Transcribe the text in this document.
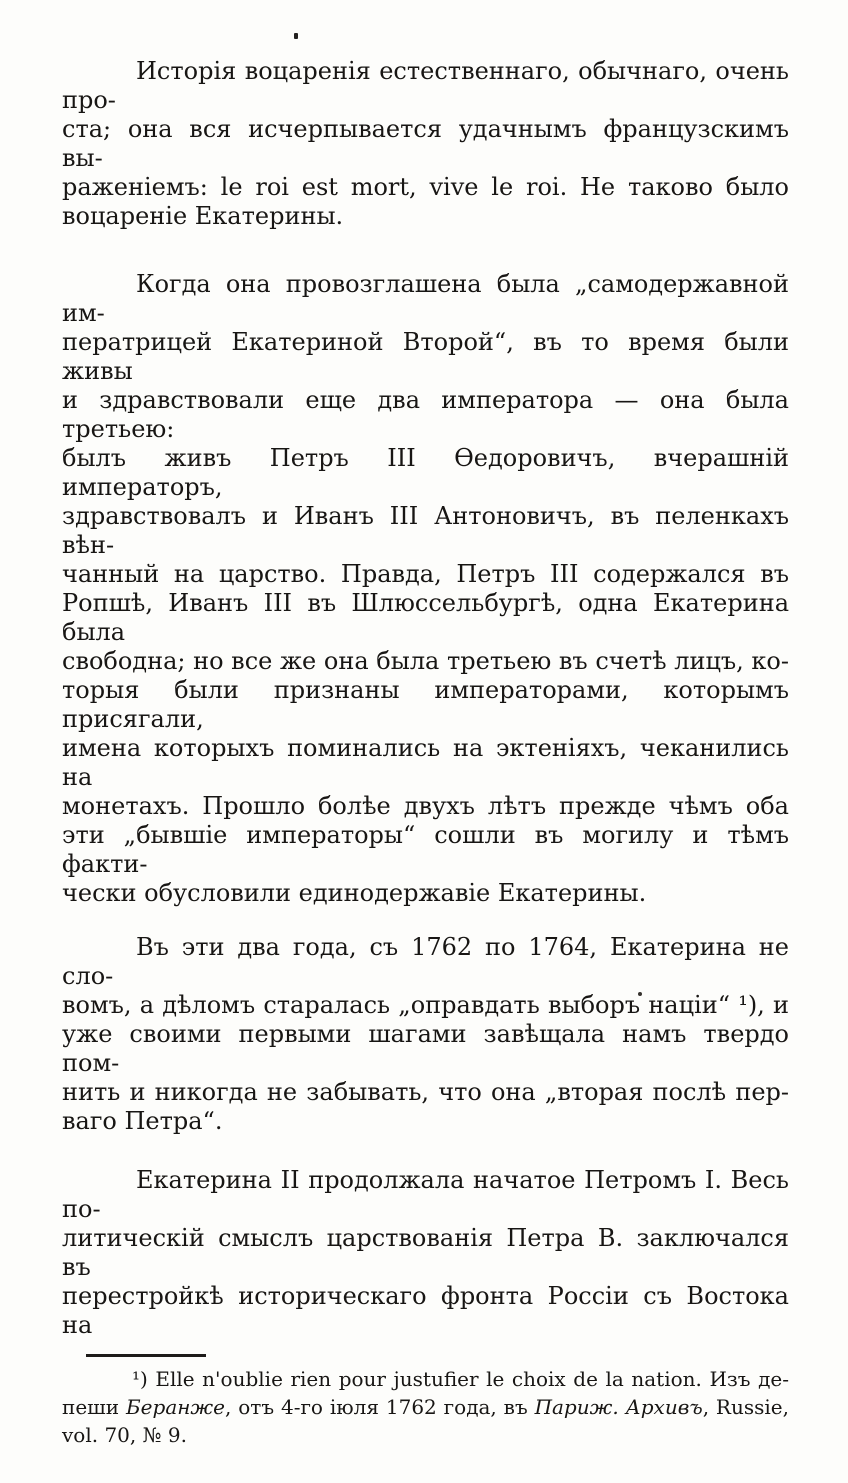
Исторія воцаренія естественнаго, обычнаго, очень про-
ста; она вся исчерпывается удачнымъ французскимъ вы-
раженіемъ: le roi est mort, vive le roi. Не таково было
воцареніе Екатерины.

Когда она провозглашена была „самодержавной им-
ператрицей Екатериной Второй“, въ то время были живы
и здравствовали еще два императора — она была третьею:
былъ живъ Петръ III Ѳедоровичъ, вчерашній императоръ,
здравствовалъ и Иванъ III Антоновичъ, въ пеленкахъ вѣн-
чанный на царство. Правда, Петръ III содержался въ
Ропшѣ, Иванъ III въ Шлюссельбургѣ, одна Екатерина была
свободна; но все же она была третьею въ счетѣ лицъ, ко-
торыя были признаны императорами, которымъ присягали,
имена которыхъ поминались на эктеніяхъ, чеканились на
монетахъ. Прошло болѣе двухъ лѣтъ прежде чѣмъ оба
эти „бывшіе императоры“ сошли въ могилу и тѣмъ факти-
чески обусловили единодержавіе Екатерины.

Въ эти два года, съ 1762 по 1764, Екатерина не сло-
вомъ, а дѣломъ старалась „оправдать выборъ націи“ ¹), и
уже своими первыми шагами завѣщала намъ твердо пом-
нить и никогда не забывать, что она „вторая послѣ пер-
ваго Петра“.

Екатерина II продолжала начатое Петромъ I. Весь по-
литическій смыслъ царствованія Петра В. заключался въ
перестройкѣ историческаго фронта Россіи съ Востока на

¹) Elle n'oublie rien pour justufier le choix de la nation. Изъ де-
пеши Беранже, отъ 4-го іюля 1762 года, въ Париж. Архивъ, Russie,
vol. 70, № 9.
